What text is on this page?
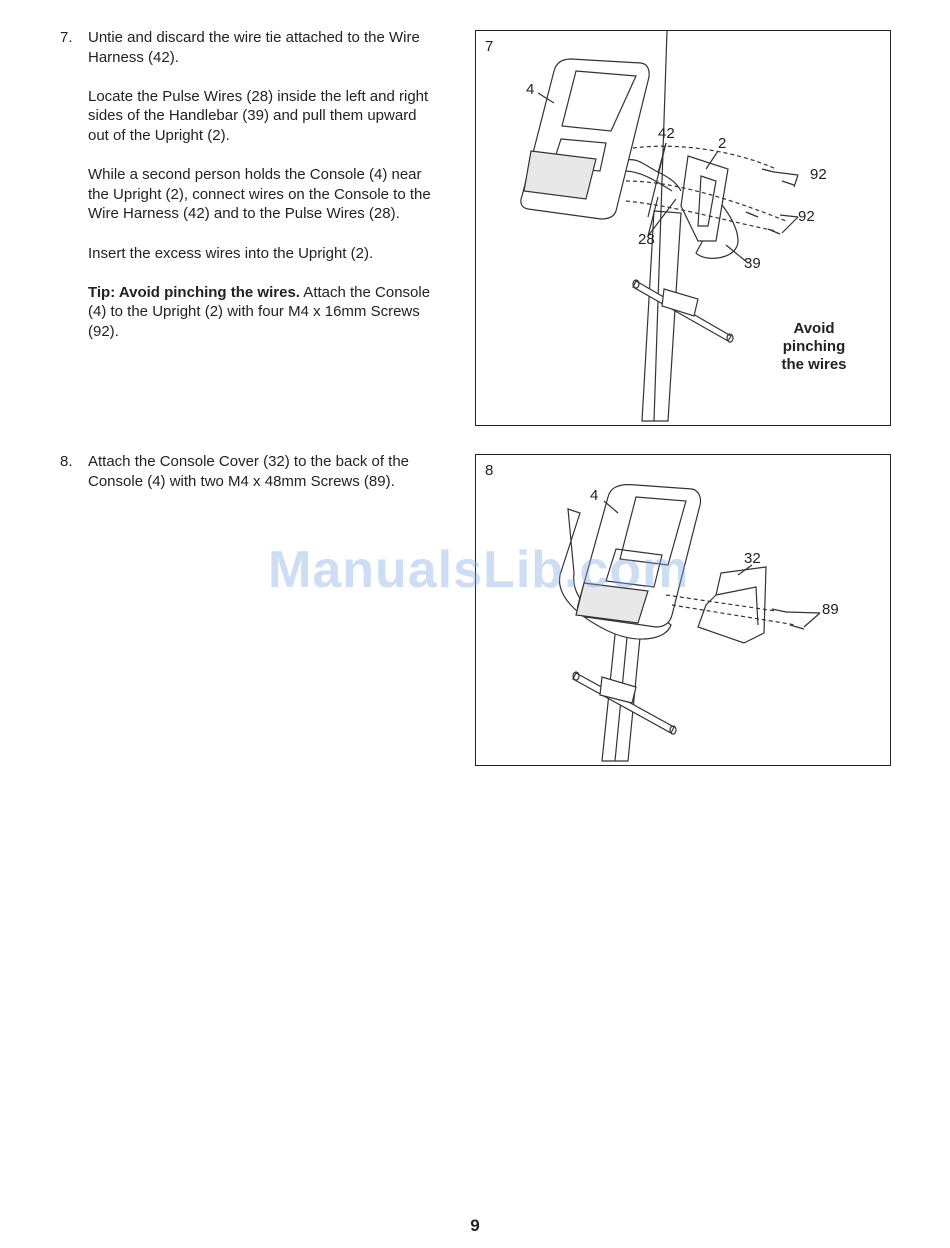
7. Untie and discard the wire tie attached to the Wire Harness (42).

Locate the Pulse Wires (28) inside the left and right sides of the Handlebar (39) and pull them upward out of the Upright (2).

While a second person holds the Console (4) near the Upright (2), connect wires on the Console to the Wire Harness (42) and to the Pulse Wires (28).

Insert the excess wires into the Upright (2).

Tip: Avoid pinching the wires. Attach the Console (4) to the Upright (2) with four M4 x 16mm Screws (92).

8. Attach the Console Cover (32) to the back of the Console (4) with two M4 x 48mm Screws (89).

7
4
42
2
92
92
28
39
Avoid
pinching
the wires
8
4
32
89
ManualsLib.com
9
